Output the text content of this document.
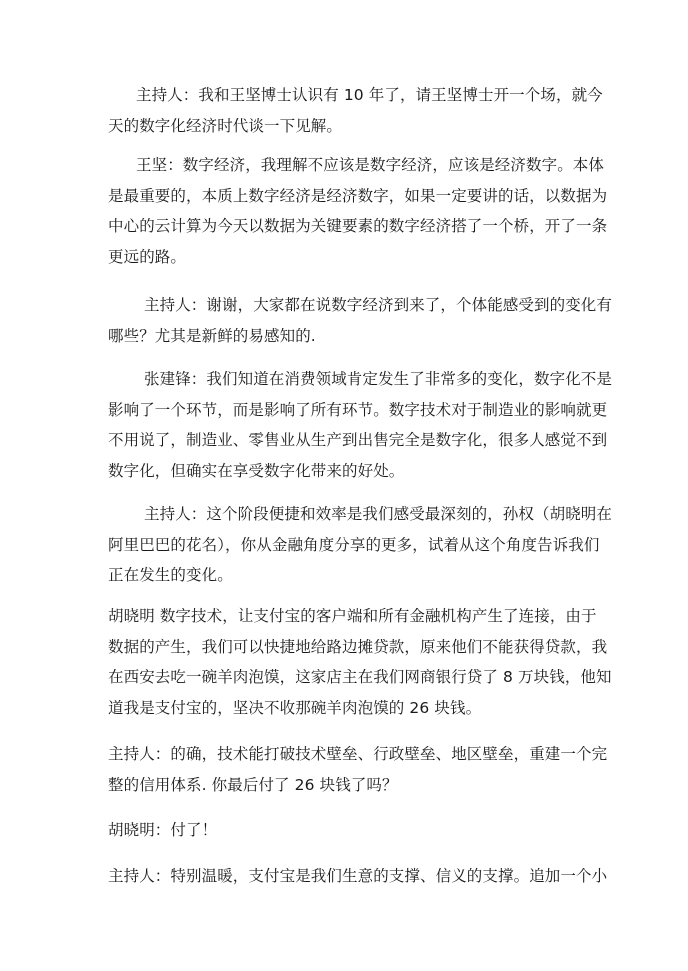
主持人：我和王坚博士认识有 10 年了，请王坚博士开一个场，就今天的数字化经济时代谈一下见解。

王坚：数字经济，我理解不应该是数字经济，应该是经济数字。本体是最重要的，本质上数字经济是经济数字，如果一定要讲的话，以数据为中心的云计算为今天以数据为关键要素的数字经济搭了一个桥，开了一条更远的路。

主持人：谢谢，大家都在说数字经济到来了，个体能感受到的变化有哪些？尤其是新鲜的易感知的.

张建锋：我们知道在消费领域肯定发生了非常多的变化，数字化不是影响了一个环节，而是影响了所有环节。数字技术对于制造业的影响就更不用说了，制造业、零售业从生产到出售完全是数字化，很多人感觉不到数字化，但确实在享受数字化带来的好处。

主持人：这个阶段便捷和效率是我们感受最深刻的，孙权（胡晓明在阿里巴巴的花名），你从金融角度分享的更多，试着从这个角度告诉我们正在发生的变化。

胡晓明 数字技术，让支付宝的客户端和所有金融机构产生了连接，由于数据的产生，我们可以快捷地给路边摊贷款，原来他们不能获得贷款，我在西安去吃一碗羊肉泡馍，这家店主在我们网商银行贷了 8 万块钱，他知道我是支付宝的，坚决不收那碗羊肉泡馍的 26 块钱。

主持人：的确，技术能打破技术壁垒、行政壁垒、地区壁垒，重建一个完整的信用体系. 你最后付了 26 块钱了吗？

胡晓明：付了！

主持人：特别温暖，支付宝是我们生意的支撑、信义的支撑。追加一个小
